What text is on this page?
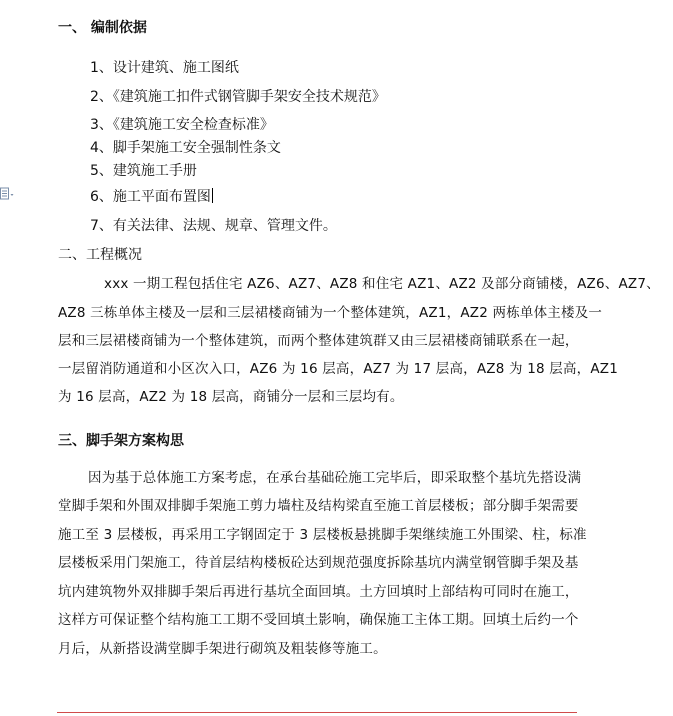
一、 编制依据
1、设计建筑、施工图纸
2、《建筑施工扣件式钢管脚手架安全技术规范》
3、《建筑施工安全检查标准》
4、脚手架施工安全强制性条文
5、建筑施工手册
6、施工平面布置图
7、有关法律、法规、规章、管理文件。
二、工程概况
xxx 一期工程包括住宅 AZ6、AZ7、AZ8 和住宅 AZ1、AZ2 及部分商铺楼，AZ6、AZ7、
AZ8 三栋单体主楼及一层和三层裙楼商铺为一个整体建筑，AZ1，AZ2 两栋单体主楼及一
层和三层裙楼商铺为一个整体建筑，而两个整体建筑群又由三层裙楼商铺联系在一起，
一层留消防通道和小区次入口，AZ6 为 16 层高，AZ7 为 17 层高，AZ8 为 18 层高，AZ1
为 16 层高，AZ2 为 18 层高，商铺分一层和三层均有。
三、脚手架方案构思
因为基于总体施工方案考虑，在承台基础砼施工完毕后，即采取整个基坑先搭设满
堂脚手架和外围双排脚手架施工剪力墙柱及结构梁直至施工首层楼板；部分脚手架需要
施工至 3 层楼板，再采用工字钢固定于 3 层楼板悬挑脚手架继续施工外围梁、柱，标准
层楼板采用门架施工，待首层结构楼板砼达到规范强度拆除基坑内满堂钢管脚手架及基
坑内建筑物外双排脚手架后再进行基坑全面回填。土方回填时上部结构可同时在施工，
这样方可保证整个结构施工工期不受回填土影响，确保施工主体工期。回填土后约一个
月后，从新搭设满堂脚手架进行砌筑及粗装修等施工。
